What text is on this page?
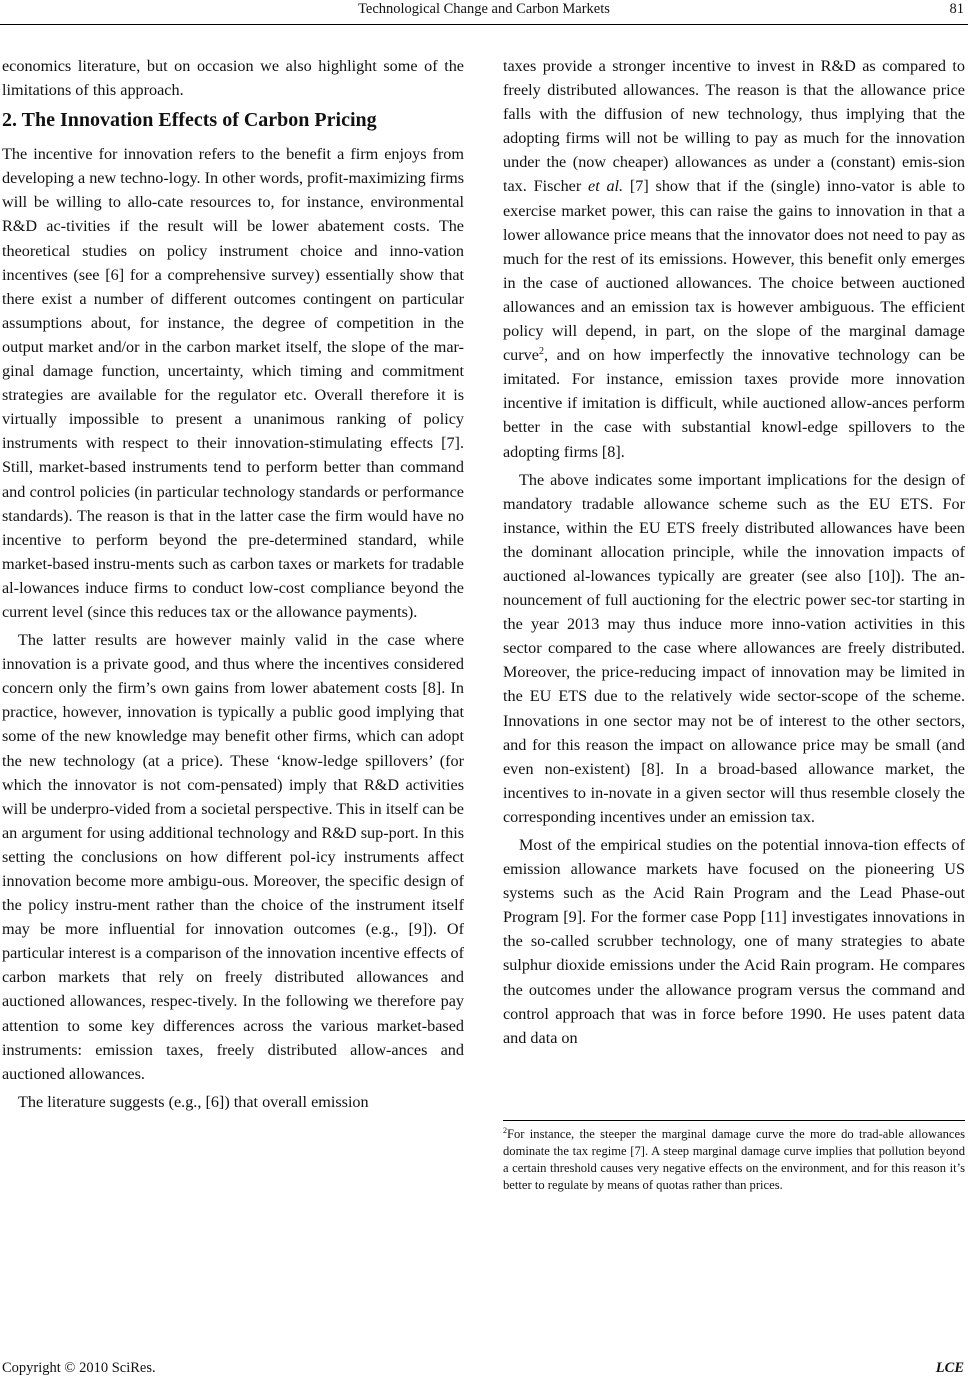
Technological Change and Carbon Markets	81

economics literature, but on occasion we also highlight some of the limitations of this approach.

2. The Innovation Effects of Carbon Pricing

The incentive for innovation refers to the benefit a firm enjoys from developing a new techno-logy. In other words, profit-maximizing firms will be willing to allo-cate resources to, for instance, environmental R&D ac-tivities if the result will be lower abatement costs. The theoretical studies on policy instrument choice and inno-vation incentives (see [6] for a comprehensive survey) essentially show that there exist a number of different outcomes contingent on particular assumptions about, for instance, the degree of competition in the output market and/or in the carbon market itself, the slope of the mar-ginal damage function, uncertainty, which timing and commitment strategies are available for the regulator etc. Overall therefore it is virtually impossible to present a unanimous ranking of policy instruments with respect to their innovation-stimulating effects [7]. Still, market-based instruments tend to perform better than command and control policies (in particular technology standards or performance standards). The reason is that in the latter case the firm would have no incentive to perform beyond the pre-determined standard, while market-based instru-ments such as carbon taxes or markets for tradable al-lowances induce firms to conduct low-cost compliance beyond the current level (since this reduces tax or the allowance payments).

The latter results are however mainly valid in the case where innovation is a private good, and thus where the incentives considered concern only the firm’s own gains from lower abatement costs [8]. In practice, however, innovation is typically a public good implying that some of the new knowledge may benefit other firms, which can adopt the new technology (at a price). These ‘know-ledge spillovers’ (for which the innovator is not com-pensated) imply that R&D activities will be underpro-vided from a societal perspective. This in itself can be an argument for using additional technology and R&D sup-port. In this setting the conclusions on how different pol-icy instruments affect innovation become more ambigu-ous. Moreover, the specific design of the policy instru-ment rather than the choice of the instrument itself may be more influential for innovation outcomes (e.g., [9]). Of particular interest is a comparison of the innovation incentive effects of carbon markets that rely on freely distributed allowances and auctioned allowances, respec-tively. In the following we therefore pay attention to some key differences across the various market-based instruments: emission taxes, freely distributed allow-ances and auctioned allowances.

The literature suggests (e.g., [6]) that overall emission

taxes provide a stronger incentive to invest in R&D as compared to freely distributed allowances. The reason is that the allowance price falls with the diffusion of new technology, thus implying that the adopting firms will not be willing to pay as much for the innovation under the (now cheaper) allowances as under a (constant) emis-sion tax. Fischer et al. [7] show that if the (single) inno-vator is able to exercise market power, this can raise the gains to innovation in that a lower allowance price means that the innovator does not need to pay as much for the rest of its emissions. However, this benefit only emerges in the case of auctioned allowances. The choice between auctioned allowances and an emission tax is however ambiguous. The efficient policy will depend, in part, on the slope of the marginal damage curve$^2$, and on how imperfectly the innovative technology can be imitated. For instance, emission taxes provide more innovation incentive if imitation is difficult, while auctioned allow-ances perform better in the case with substantial knowl-edge spillovers to the adopting firms [8].

The above indicates some important implications for the design of mandatory tradable allowance scheme such as the EU ETS. For instance, within the EU ETS freely distributed allowances have been the dominant allocation principle, while the innovation impacts of auctioned al-lowances typically are greater (see also [10]). The an-nouncement of full auctioning for the electric power sec-tor starting in the year 2013 may thus induce more inno-vation activities in this sector compared to the case where allowances are freely distributed. Moreover, the price-reducing impact of innovation may be limited in the EU ETS due to the relatively wide sector-scope of the scheme. Innovations in one sector may not be of interest to the other sectors, and for this reason the impact on allowance price may be small (and even non-existent) [8]. In a broad-based allowance market, the incentives to in-novate in a given sector will thus resemble closely the corresponding incentives under an emission tax.

Most of the empirical studies on the potential innova-tion effects of emission allowance markets have focused on the pioneering US systems such as the Acid Rain Program and the Lead Phase-out Program [9]. For the former case Popp [11] investigates innovations in the so-called scrubber technology, one of many strategies to abate sulphur dioxide emissions under the Acid Rain program. He compares the outcomes under the allowance program versus the command and control approach that was in force before 1990. He uses patent data and data on

$^2$For instance, the steeper the marginal damage curve the more do trad-able allowances dominate the tax regime [7]. A steep marginal damage curve implies that pollution beyond a certain threshold causes very negative effects on the environment, and for this reason it’s better to regulate by means of quotas rather than prices.

Copyright © 2010 SciRes.	LCE
